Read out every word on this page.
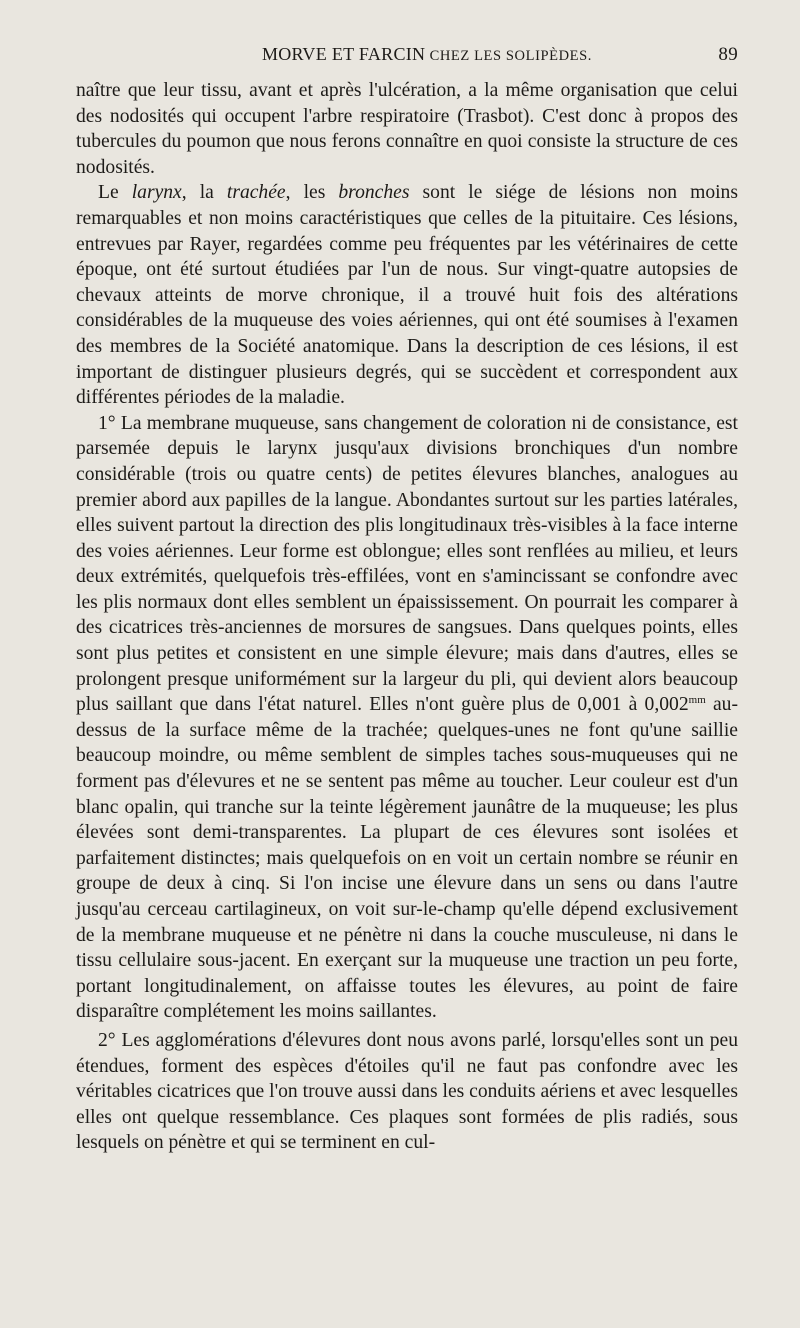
MORVE ET FARCIN CHEZ LES SOLIPÈDES.	89

naître que leur tissu, avant et après l'ulcération, a la même organisation que celui des nodosités qui occupent l'arbre respiratoire (Trasbot). C'est donc à propos des tubercules du poumon que nous ferons connaître en quoi consiste la structure de ces nodosités.

Le larynx, la trachée, les bronches sont le siége de lésions non moins remarquables et non moins caractéristiques que celles de la pituitaire. Ces lésions, entrevues par Rayer, regardées comme peu fréquentes par les vétérinaires de cette époque, ont été surtout étudiées par l'un de nous. Sur vingt-quatre autopsies de chevaux atteints de morve chronique, il a trouvé huit fois des altérations considérables de la muqueuse des voies aériennes, qui ont été soumises à l'examen des membres de la Société anatomique. Dans la description de ces lésions, il est important de distinguer plusieurs degrés, qui se succèdent et correspondent aux différentes périodes de la maladie.

1° La membrane muqueuse, sans changement de coloration ni de consistance, est parsemée depuis le larynx jusqu'aux divisions bronchiques d'un nombre considérable (trois ou quatre cents) de petites élevures blanches, analogues au premier abord aux papilles de la langue. Abondantes surtout sur les parties latérales, elles suivent partout la direction des plis longitudinaux très-visibles à la face interne des voies aériennes. Leur forme est oblongue; elles sont renflées au milieu, et leurs deux extrémités, quelquefois très-effilées, vont en s'amincissant se confondre avec les plis normaux dont elles semblent un épaississement. On pourrait les comparer à des cicatrices très-anciennes de morsures de sangsues. Dans quelques points, elles sont plus petites et consistent en une simple élevure; mais dans d'autres, elles se prolongent presque uniformément sur la largeur du pli, qui devient alors beaucoup plus saillant que dans l'état naturel. Elles n'ont guère plus de 0,001 à $0,002^{mm}$ au-dessus de la surface même de la trachée; quelques-unes ne font qu'une saillie beaucoup moindre, ou même semblent de simples taches sous-muqueuses qui ne forment pas d'élevures et ne se sentent pas même au toucher. Leur couleur est d'un blanc opalin, qui tranche sur la teinte légèrement jaunâtre de la muqueuse; les plus élevées sont demi-transparentes. La plupart de ces élevures sont isolées et parfaitement distinctes; mais quelquefois on en voit un certain nombre se réunir en groupe de deux à cinq. Si l'on incise une élevure dans un sens ou dans l'autre jusqu'au cerceau cartilagineux, on voit sur-le-champ qu'elle dépend exclusivement de la membrane muqueuse et ne pénètre ni dans la couche musculeuse, ni dans le tissu cellulaire sous-jacent. En exerçant sur la muqueuse une traction un peu forte, portant longitudinalement, on affaisse toutes les élevures, au point de faire disparaître complétement les moins saillantes.

2° Les agglomérations d'élevures dont nous avons parlé, lorsqu'elles sont un peu étendues, forment des espèces d'étoiles qu'il ne faut pas confondre avec les véritables cicatrices que l'on trouve aussi dans les conduits aériens et avec lesquelles elles ont quelque ressemblance. Ces plaques sont formées de plis radiés, sous lesquels on pénètre et qui se terminent en cul-
